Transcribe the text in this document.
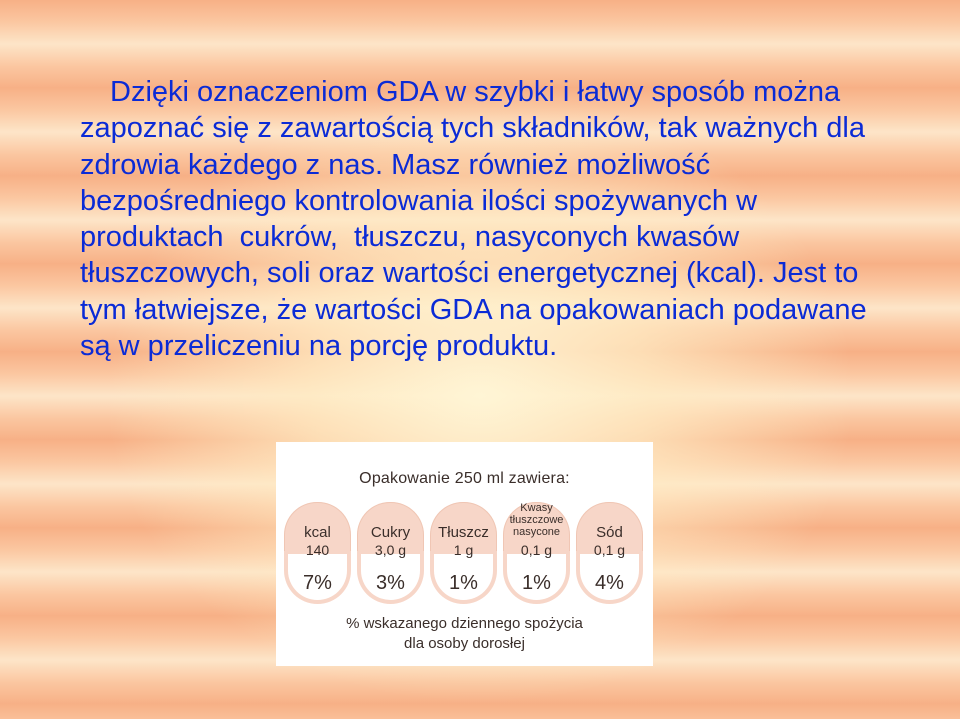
Dzięki oznaczeniom GDA w szybki i łatwy sposób można zapoznać się z zawartością tych składników, tak ważnych dla zdrowia każdego z nas. Masz również możliwość bezpośredniego kontrolowania ilości spożywanych w produktach  cukrów,  tłuszczu, nasyconych kwasów tłuszczowych, soli oraz wartości energetycznej (kcal). Jest to tym łatwiejsze, że wartości GDA na opakowaniach podawane są w przeliczeniu na porcję produktu.

Opakowanie 250 ml zawiera:
kcal
140
7%
Cukry
3,0 g
3%
Tłuszcz
1 g
1%
Kwasy tłuszczowe nasycone
0,1 g
1%
Sód
0,1 g
4%
% wskazanego dziennego spożycia
dla osoby dorosłej
